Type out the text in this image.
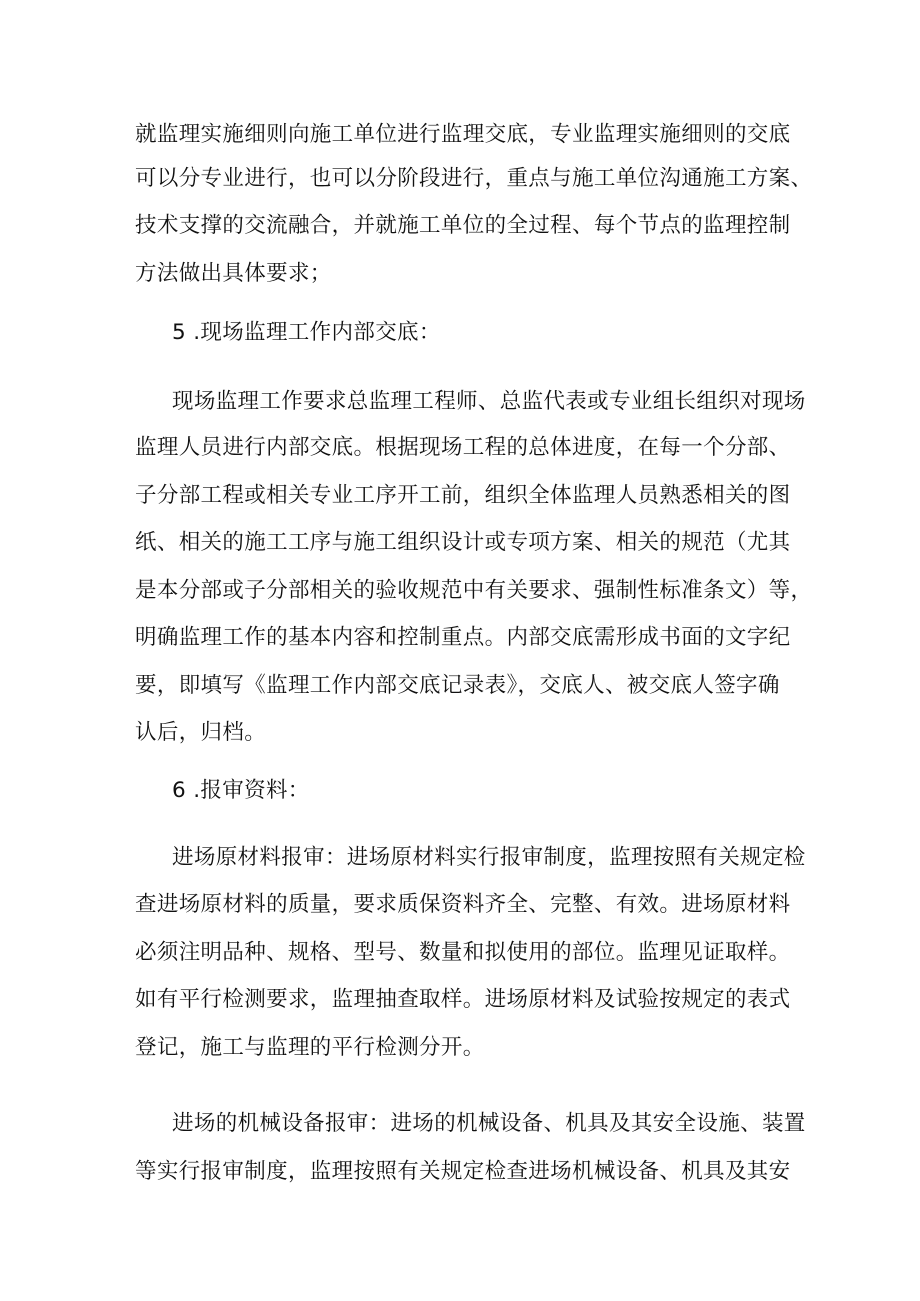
就监理实施细则向施工单位进行监理交底，专业监理实施细则的交底
可以分专业进行，也可以分阶段进行，重点与施工单位沟通施工方案、
技术支撑的交流融合，并就施工单位的全过程、每个节点的监理控制
方法做出具体要求；
5 .现场监理工作内部交底：
现场监理工作要求总监理工程师、总监代表或专业组长组织对现场
监理人员进行内部交底。根据现场工程的总体进度，在每一个分部、
子分部工程或相关专业工序开工前，组织全体监理人员熟悉相关的图
纸、相关的施工工序与施工组织设计或专项方案、相关的规范（尤其
是本分部或子分部相关的验收规范中有关要求、强制性标准条文）等，
明确监理工作的基本内容和控制重点。内部交底需形成书面的文字纪
要，即填写《监理工作内部交底记录表》，交底人、被交底人签字确
认后，归档。
6 .报审资料：
进场原材料报审：进场原材料实行报审制度，监理按照有关规定检
查进场原材料的质量，要求质保资料齐全、完整、有效。进场原材料
必须注明品种、规格、型号、数量和拟使用的部位。监理见证取样。
如有平行检测要求，监理抽查取样。进场原材料及试验按规定的表式
登记，施工与监理的平行检测分开。
进场的机械设备报审：进场的机械设备、机具及其安全设施、装置
等实行报审制度，监理按照有关规定检查进场机械设备、机具及其安
